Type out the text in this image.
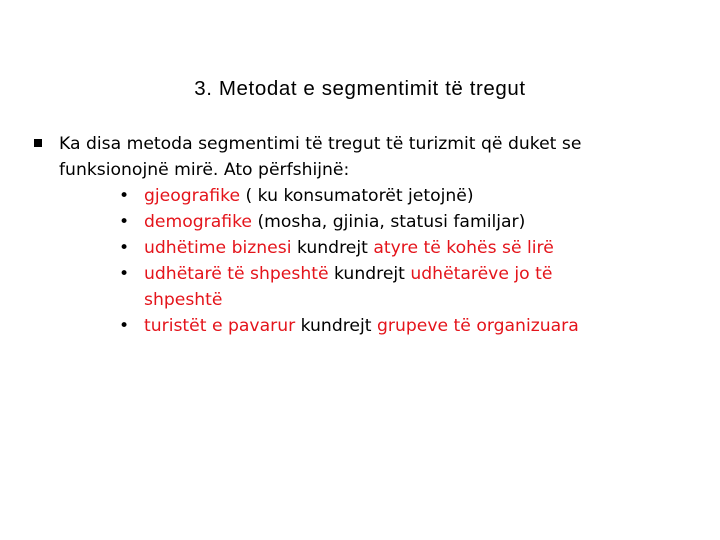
3. Metodat e segmentimit të tregut
Ka disa metoda segmentimi të tregut të turizmit që duket se
funksionojnë mirë. Ato përfshijnë:
• gjeografike ( ku konsumatorët jetojnë)
• demografike (mosha, gjinia, statusi familjar)
• udhëtime biznesi kundrejt atyre të kohës së lirë
• udhëtarë të shpeshtë kundrejt udhëtarëve jo të
shpeshtë
• turistët e pavarur kundrejt grupeve të organizuara
